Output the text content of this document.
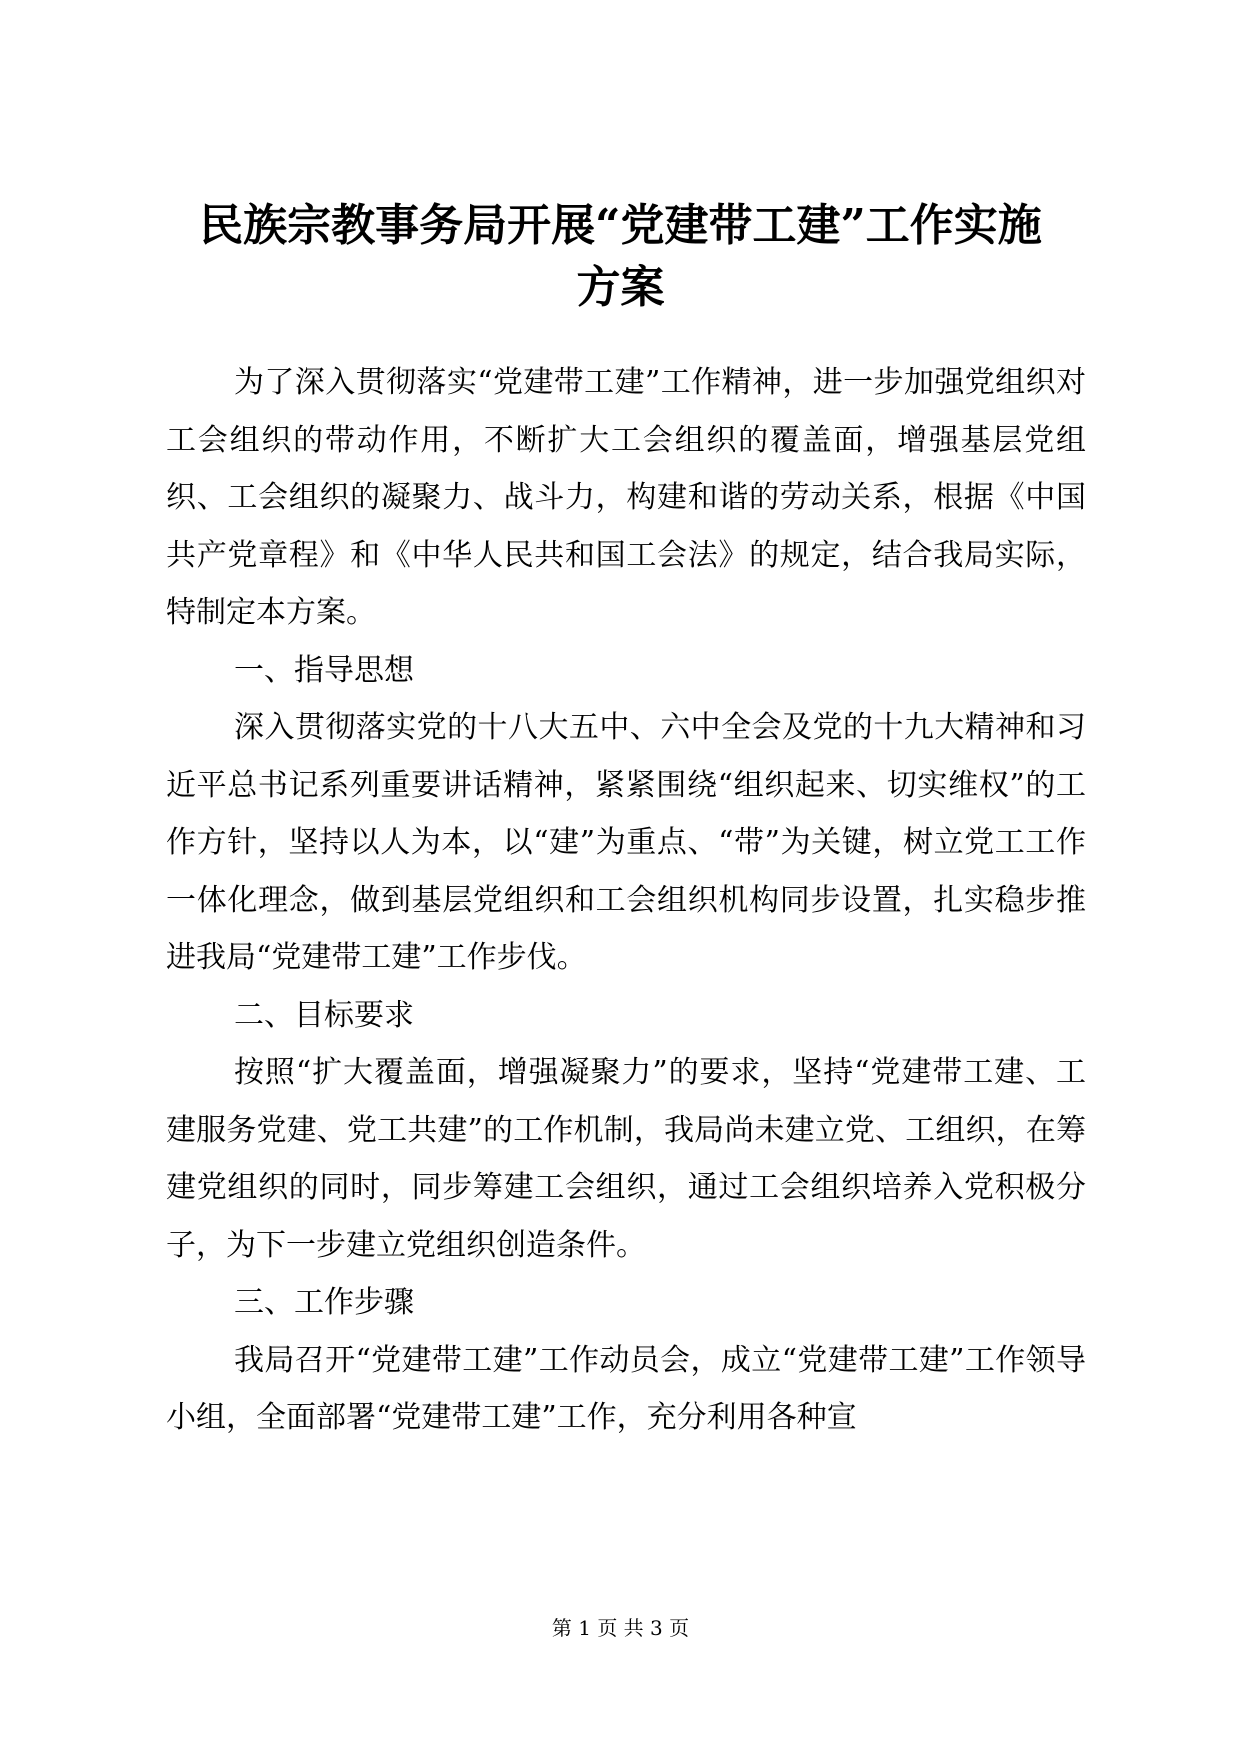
民族宗教事务局开展“党建带工建”工作实施
方案

为了深入贯彻落实“党建带工建”工作精神，进一步加强党组织对工会组织的带动作用，不断扩大工会组织的覆盖面，增强基层党组织、工会组织的凝聚力、战斗力，构建和谐的劳动关系，根据《中国共产党章程》和《中华人民共和国工会法》的规定，结合我局实际，特制定本方案。

一、指导思想

深入贯彻落实党的十八大五中、六中全会及党的十九大精神和习近平总书记系列重要讲话精神，紧紧围绕“组织起来、切实维权”的工作方针，坚持以人为本，以“建”为重点、“带”为关键，树立党工工作一体化理念，做到基层党组织和工会组织机构同步设置，扎实稳步推进我局“党建带工建”工作步伐。

二、目标要求

按照“扩大覆盖面，增强凝聚力”的要求，坚持“党建带工建、工建服务党建、党工共建”的工作机制，我局尚未建立党、工组织，在筹建党组织的同时，同步筹建工会组织，通过工会组织培养入党积极分子，为下一步建立党组织创造条件。

三、工作步骤

我局召开“党建带工建”工作动员会，成立“党建带工建”工作领导小组，全面部署“党建带工建”工作，充分利用各种宣

第 1 页 共 3 页
